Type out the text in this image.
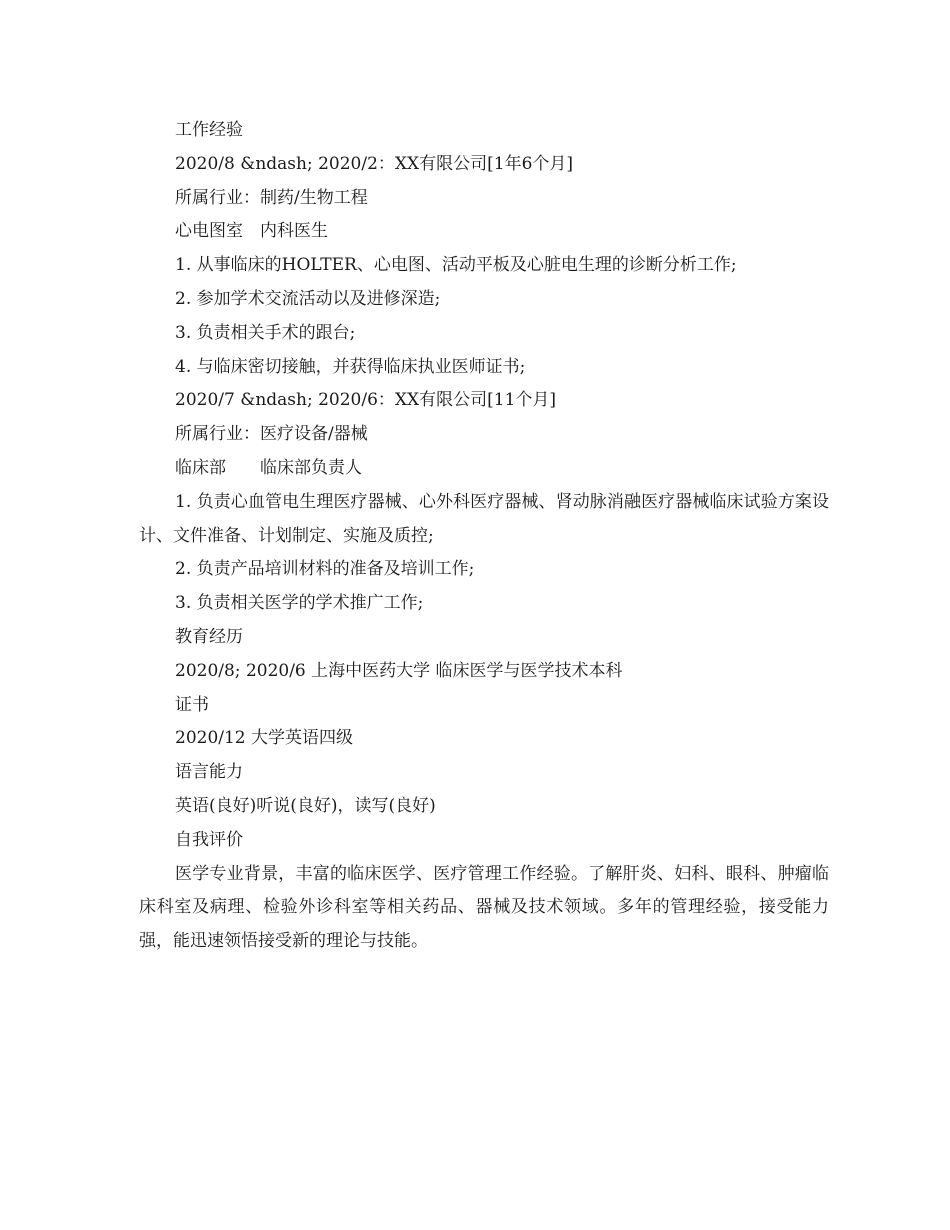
工作经验

2020/8 &ndash; 2020/2：XX有限公司[1年6个月]

所属行业：制药/生物工程

心电图室　内科医生

1. 从事临床的HOLTER、心电图、活动平板及心脏电生理的诊断分析工作;

2. 参加学术交流活动以及进修深造;

3. 负责相关手术的跟台;

4. 与临床密切接触，并获得临床执业医师证书;

2020/7 &ndash; 2020/6：XX有限公司[11个月]

所属行业：医疗设备/器械

临床部　　临床部负责人

1. 负责心血管电生理医疗器械、心外科医疗器械、肾动脉消融医疗器械临床试验方案设计、文件准备、计划制定、实施及质控;

2. 负责产品培训材料的准备及培训工作;

3. 负责相关医学的学术推广工作;

教育经历

2020/8; 2020/6 上海中医药大学 临床医学与医学技术本科

证书

2020/12 大学英语四级

语言能力

英语(良好)听说(良好)，读写(良好)

自我评价

医学专业背景，丰富的临床医学、医疗管理工作经验。了解肝炎、妇科、眼科、肿瘤临床科室及病理、检验外诊科室等相关药品、器械及技术领域。多年的管理经验，接受能力强，能迅速领悟接受新的理论与技能。
